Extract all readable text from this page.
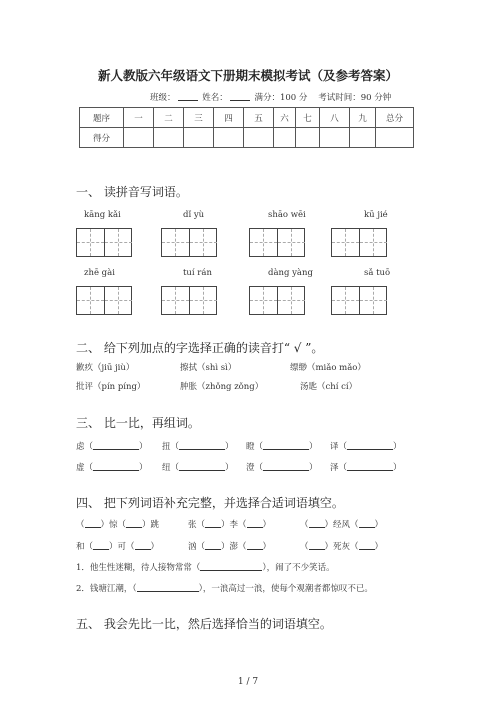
新人教版六年级语文下册期末模拟考试（及参考答案）
班级：	姓名：	满分：100 分 考试时间：90 分钟
题序	一	二	三	四	五	六	七	八	九	总分
得分										
一、 读拼音写词语。
kāng kǎi	dǐ yù	shāo wēi	kū jié
zhē gài	tuí rán	dàng yàng	sǎ tuō
二、 给下列加点的字选择正确的读音打“ √ ”。
歉疚（jiū jiù）	擦拭（shì sì）	缥缈（miǎo mǎo）
批评（pín píng）	肿胀（zhǒng zǒng）	汤匙（chí cí）
三、 比一比，再组词。
虑（	） 扭（	） 瞪（	） 译（	）
虚（	） 纽（	） 澄（	） 泽（	）
四、 把下列词语补充完整，并选择合适词语填空。
（ ）惊（ ）跳	张（ ）李（ ）	（ ）经风（ ）
和（ ）可（ ）	汹（ ）澎（ ）	（ ）死灰（ ）
1．他生性迷糊，待人接物常常（	），闹了不少笑话。
2．钱塘江潮，（	），一浪高过一浪，使每个观潮者都惊叹不已。
五、 我会先比一比，然后选择恰当的词语填空。
1 / 7
